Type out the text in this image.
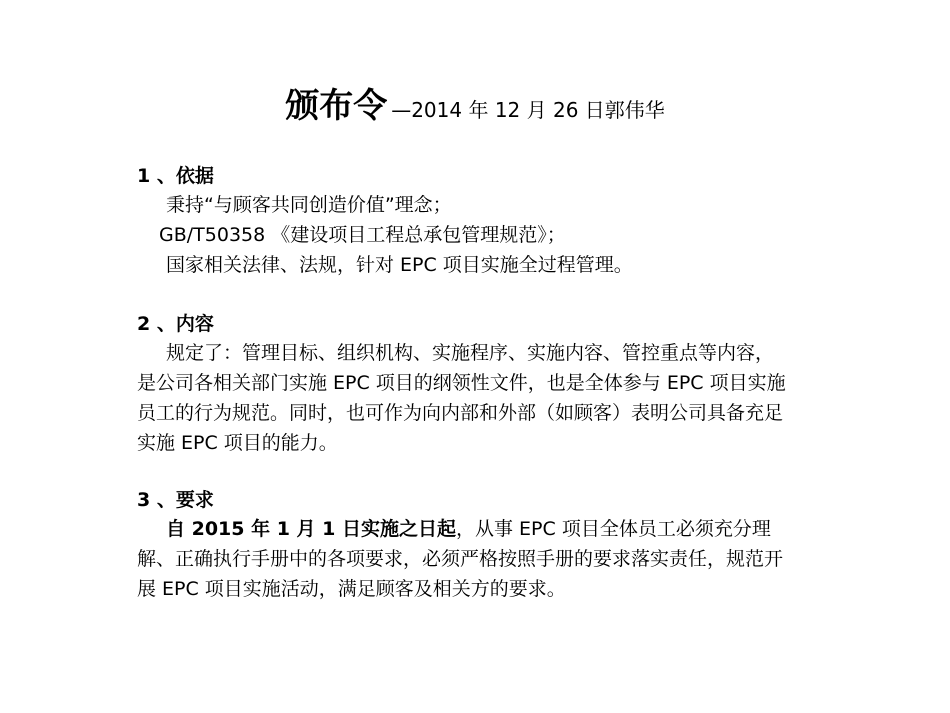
颁布令 —2014 年 12 月 26 日郭伟华

1 、依据

秉持“与顾客共同创造价值”理念；

GB/T50358 《建设项目工程总承包管理规范》；

国家相关法律、法规，针对 EPC 项目实施全过程管理。

2 、内容

规定了：管理目标、组织机构、实施程序、实施内容、管控重点等内容，是公司各相关部门实施 EPC 项目的纲领性文件，也是全体参与 EPC 项目实施员工的行为规范。同时，也可作为向内部和外部（如顾客）表明公司具备充足实施 EPC 项目的能力。

3 、要求

自 2015 年 1 月 1 日实施之日起，从事 EPC 项目全体员工必须充分理解、正确执行手册中的各项要求，必须严格按照手册的要求落实责任，规范开展 EPC 项目实施活动，满足顾客及相关方的要求。
